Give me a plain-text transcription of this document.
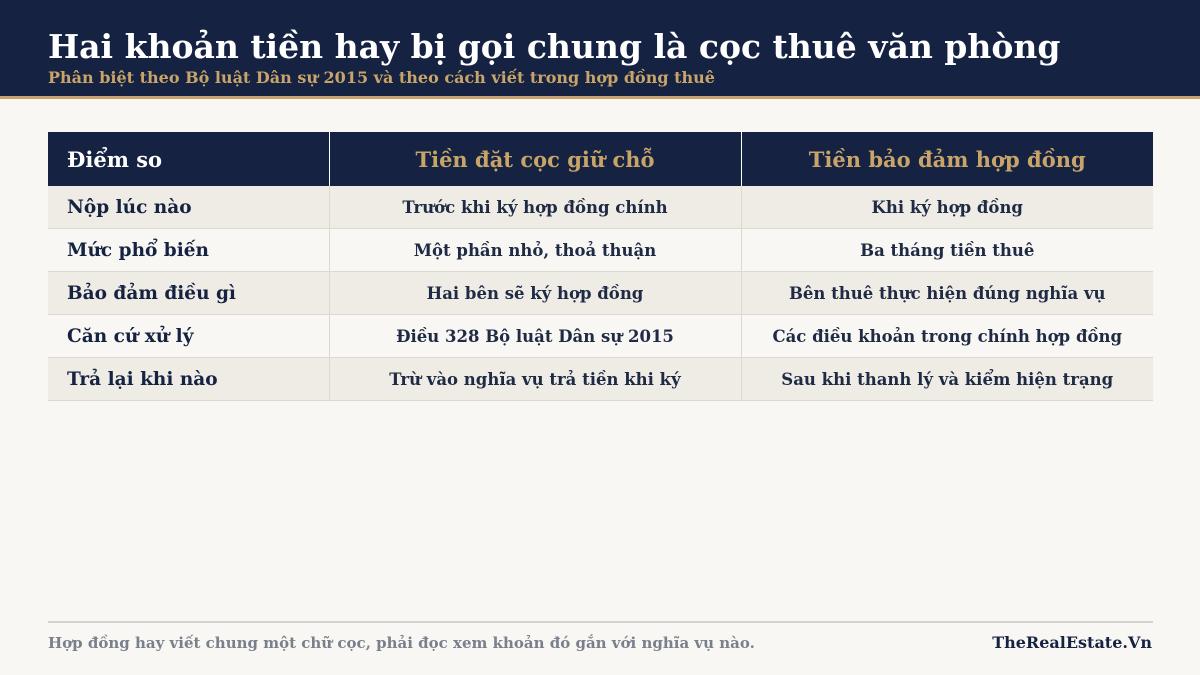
Hai khoản tiền hay bị gọi chung là cọc thuê văn phòng

Phân biệt theo Bộ luật Dân sự 2015 và theo cách viết trong hợp đồng thuê

Điểm so	Tiền đặt cọc giữ chỗ	Tiền bảo đảm hợp đồng
Nộp lúc nào	Trước khi ký hợp đồng chính	Khi ký hợp đồng
Mức phổ biến	Một phần nhỏ, thoả thuận	Ba tháng tiền thuê
Bảo đảm điều gì	Hai bên sẽ ký hợp đồng	Bên thuê thực hiện đúng nghĩa vụ
Căn cứ xử lý	Điều 328 Bộ luật Dân sự 2015	Các điều khoản trong chính hợp đồng
Trả lại khi nào	Trừ vào nghĩa vụ trả tiền khi ký	Sau khi thanh lý và kiểm hiện trạng
Hợp đồng hay viết chung một chữ cọc, phải đọc xem khoản đó gắn với nghĩa vụ nào.	TheRealEstate.Vn
